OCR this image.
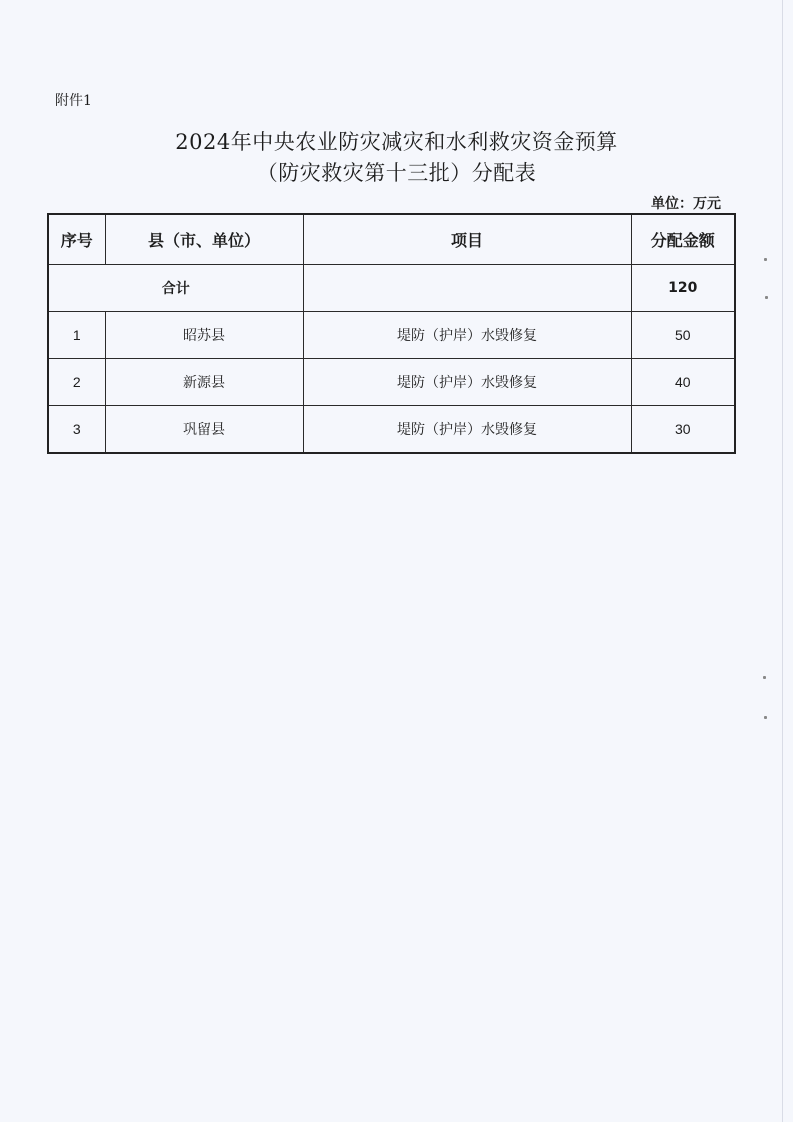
附件1
2024年中央农业防灾减灾和水利救灾资金预算
（防灾救灾第十三批）分配表
单位：万元
序号	县（市、单位）	项目	分配金额
合计			120
1	昭苏县	堤防（护岸）水毁修复	50
2	新源县	堤防（护岸）水毁修复	40
3	巩留县	堤防（护岸）水毁修复	30
